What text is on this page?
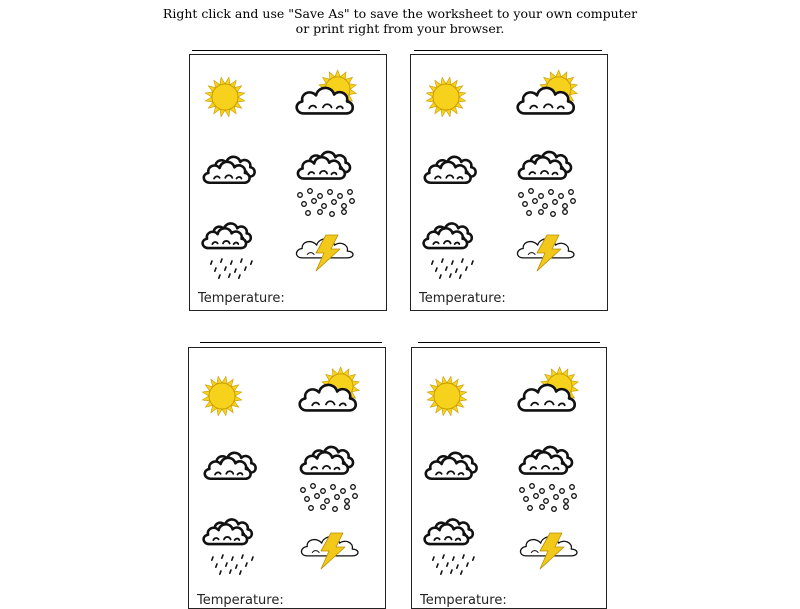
Right click and use "Save As" to save the worksheet to your own computer
or print right from your browser.
Temperature:	Temperature:
Temperature:	Temperature:
